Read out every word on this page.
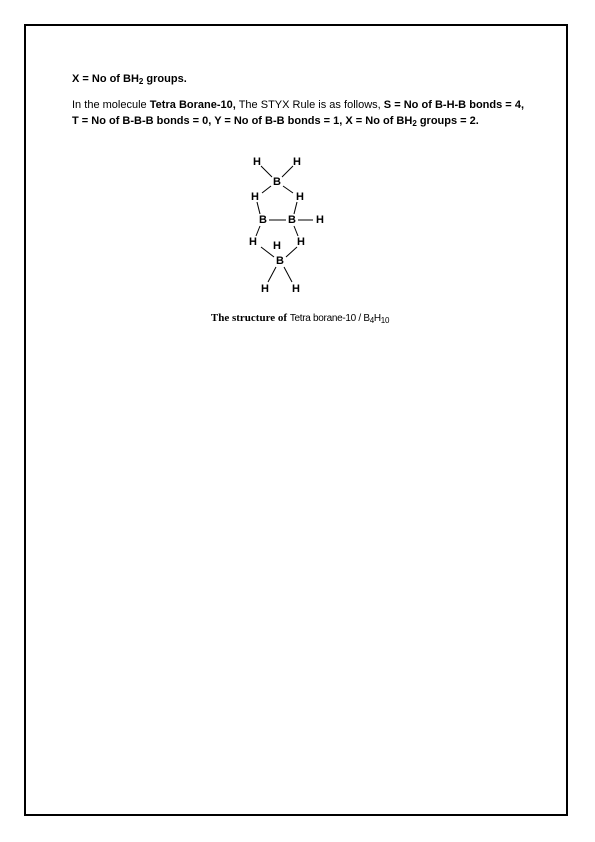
X = No of $BH_2$ groups.

In the molecule Tetra Borane-10, The STYX Rule is as follows, S = No of B-H-B bonds = 4, T = No of B-B-B bonds = 0, Y = No of B-B bonds = 1, X = No of $BH_2$ groups = 2.

H	H
B
H	H
B B H
H H H
B
H H
The structure of Tetra borane-10 / $B_4H_{10}$
